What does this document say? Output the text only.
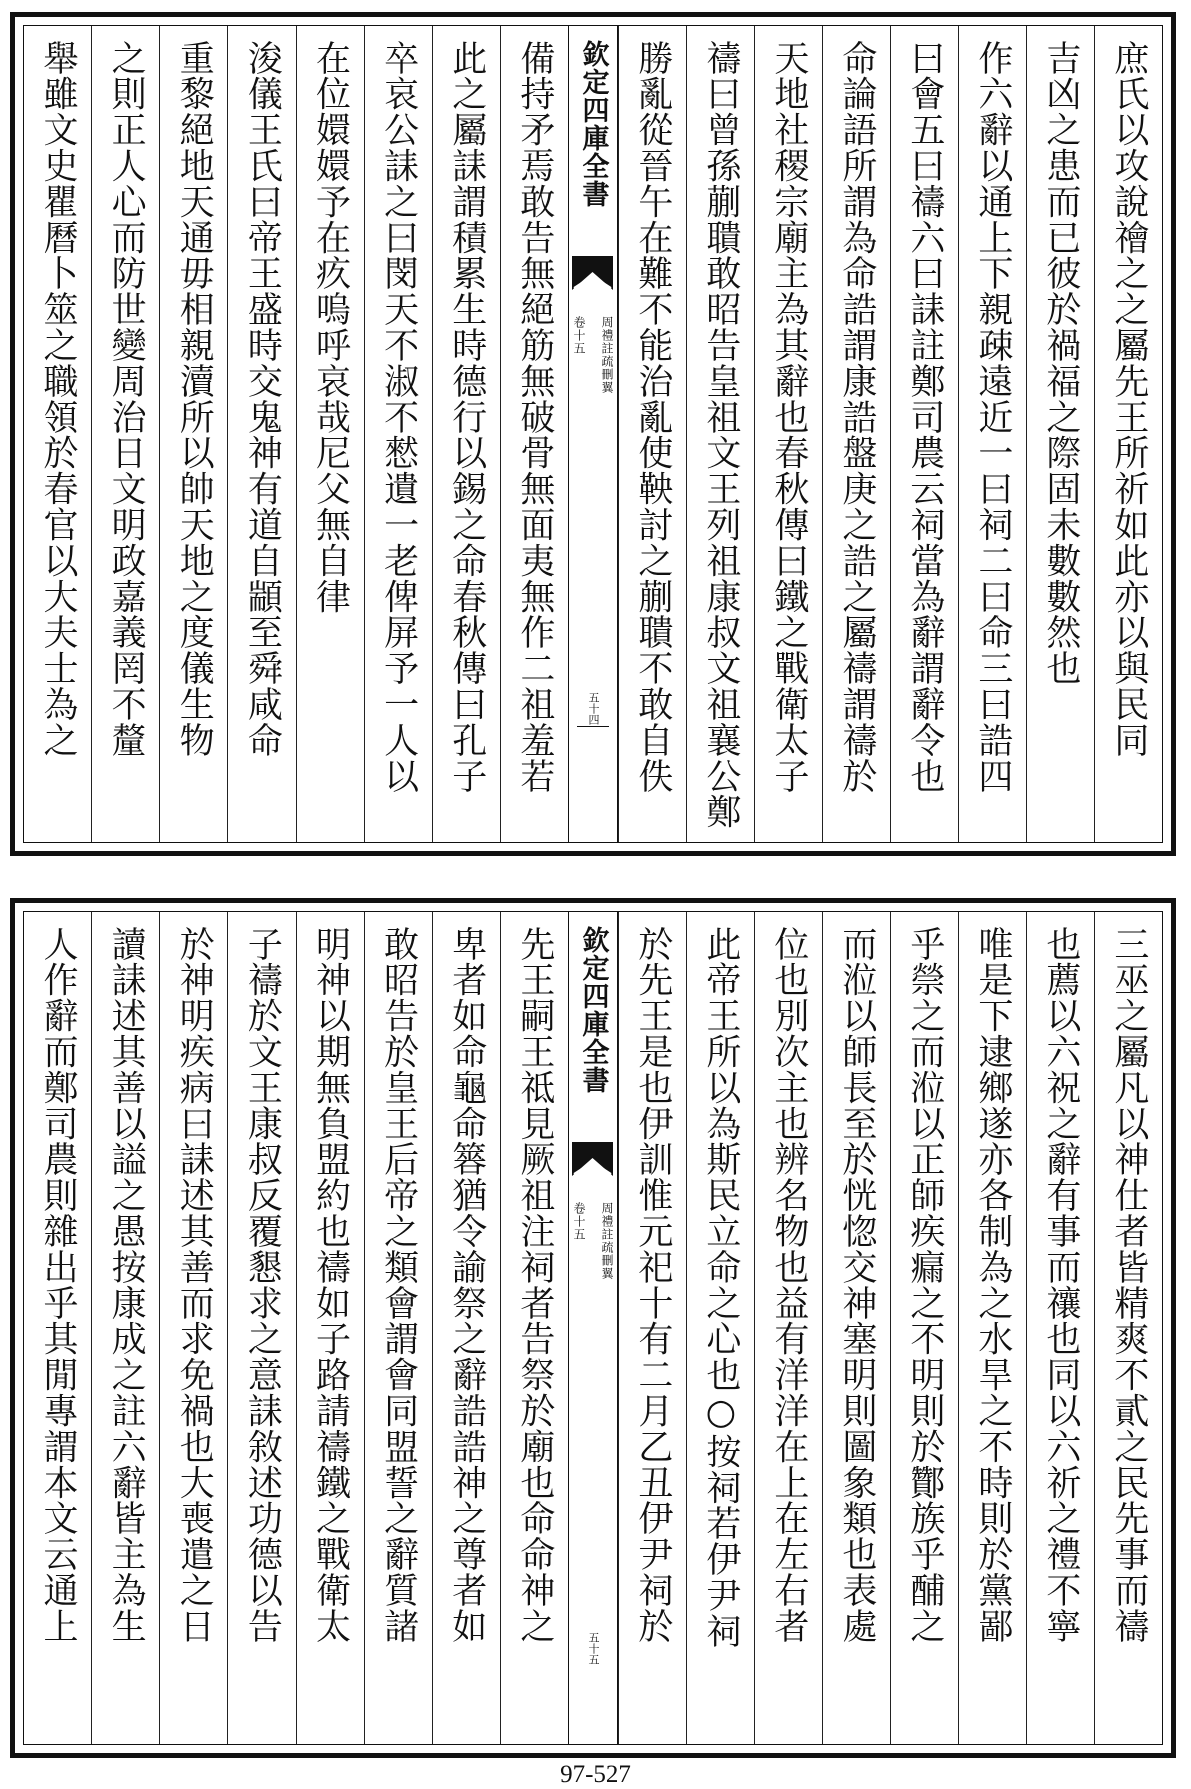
庶氏以攻說禬之之屬先王所祈如此亦以與民同
吉凶之患而已彼於禍福之際固未數數然也
作六辭以通上下親疎遠近一曰祠二曰命三曰誥四
曰會五曰禱六曰誄註鄭司農云祠當為辭謂辭令也
命論語所謂為命誥謂康誥盤庚之誥之屬禱謂禱於
天地社稷宗廟主為其辭也春秋傳曰鐵之戰衛太子
禱曰曾孫蒯聵敢昭告皇祖文王列祖康叔文祖襄公鄭
勝亂從晉午在難不能治亂使鞅討之蒯聵不敢自佚
欽定四庫全書
周禮註疏刪翼
卷十五
五十四
備持矛焉敢告無絕筋無破骨無面夷無作二祖羞若
此之屬誄謂積累生時德行以錫之命春秋傳曰孔子
卒哀公誄之曰閔天不淑不憖遺一老俾屏予一人以
在位嬛嬛予在疚嗚呼哀哉尼父無自律
浚儀王氏曰帝王盛時交鬼神有道自顓至舜咸命
重黎絕地天通毋相親瀆所以帥天地之度儀生物
之則正人心而防世變周治日文明政嘉義罔不釐
舉雖文史瞿曆卜筮之職領於春官以大夫士為之
三巫之屬凡以神仕者皆精爽不貳之民先事而禱
也薦以六祝之辭有事而禳也同以六祈之禮不寧
唯是下逮鄉遂亦各制為之水旱之不時則於黨鄙
乎禜之而涖以正師疾瘺之不明則於酇族乎酺之
而涖以師長至於恍惚交神塞明則圖象類也表處
位也別次主也辨名物也益有洋洋在上在左右者
此帝王所以為斯民立命之心也○按祠若伊尹祠
於先王是也伊訓惟元祀十有二月乙丑伊尹祠於
欽定四庫全書
周禮註疏刪翼
卷十五
五十五
先王嗣王祗見厥祖注祠者告祭於廟也命命神之
卑者如命龜命簭猶令諭祭之辭誥誥神之尊者如
敢昭告於皇王后帝之類會謂會同盟誓之辭質諸
明神以期無負盟約也禱如子路請禱鐵之戰衛太
子禱於文王康叔反覆懇求之意誄敘述功德以告
於神明疾病曰誄述其善而求免禍也大喪遣之日
讀誄述其善以謚之愚按康成之註六辭皆主為生
人作辭而鄭司農則雜出乎其閒專謂本文云通上
97-527
